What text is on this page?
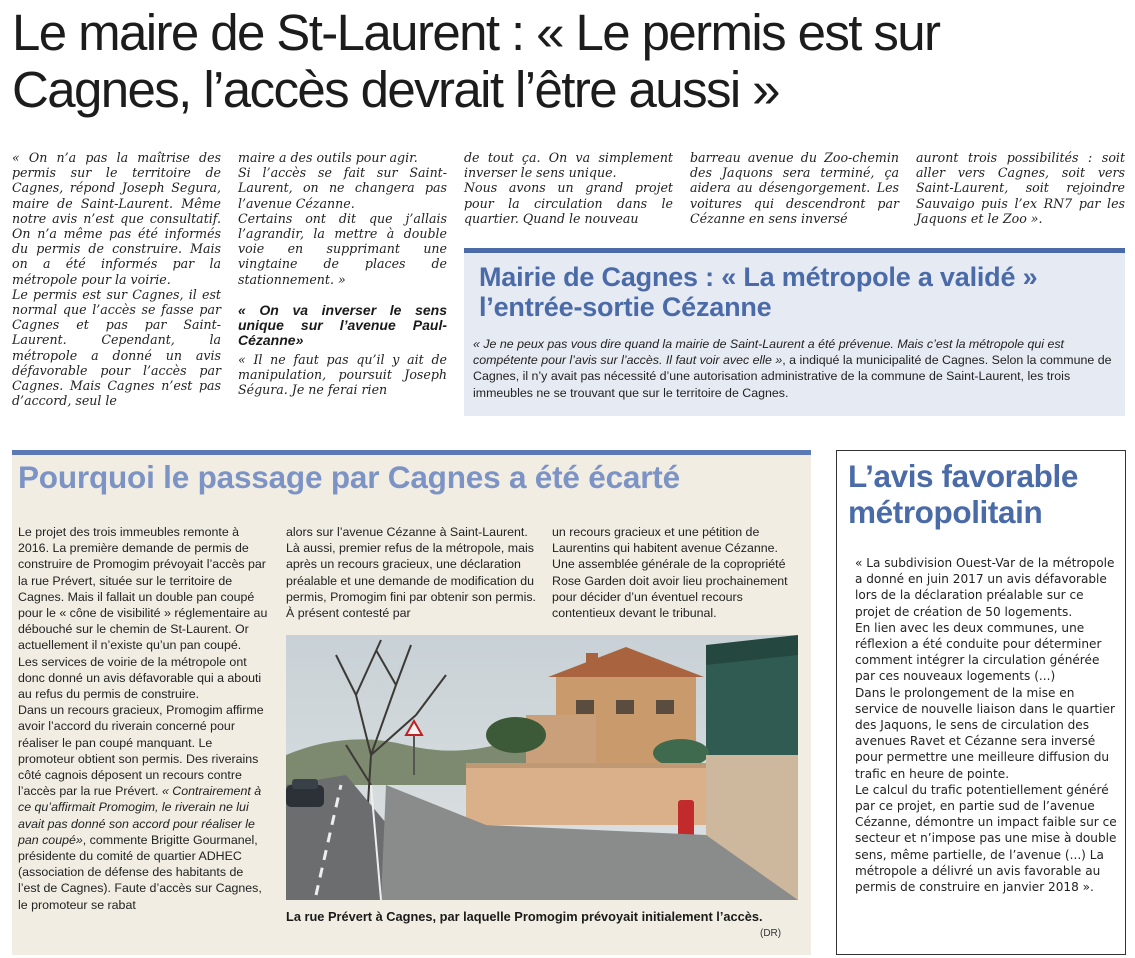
Le maire de St-Laurent : « Le permis est sur Cagnes, l’accès devrait l’être aussi »

« On n’a pas la maîtrise des permis sur le territoire de Cagnes, répond Joseph Segura, maire de Saint-Laurent. Même notre avis n’est que consultatif. On n’a même pas été informés du permis de construire. Mais on a été informés par la métropole pour la voirie.

Le permis est sur Cagnes, il est normal que l’accès se fasse par Cagnes et pas par Saint-Laurent. Cependant, la métropole a donné un avis défavorable pour l’accès par Cagnes. Mais Cagnes n’est pas d’accord, seul le

maire a des outils pour agir.

Si l’accès se fait sur Saint-Laurent, on ne changera pas l’avenue Cézanne.

Certains ont dit que j’allais l’agrandir, la mettre à double voie en supprimant une vingtaine de places de stationnement. »

« On va inverser le sens unique sur l’avenue Paul-Cézanne»

« Il ne faut pas qu’il y ait de manipulation, poursuit Joseph Ségura. Je ne ferai rien

de tout ça. On va simplement inverser le sens unique.

Nous avons un grand projet pour la circulation dans le quartier. Quand le nouveau

barreau avenue du Zoo-chemin des Jaquons sera terminé, ça aidera au désengorgement. Les voitures qui descendront par Cézanne en sens inversé

auront trois possibilités : soit aller vers Cagnes, soit vers Saint-Laurent, soit rejoindre Sauvaigo puis l’ex RN7 par les Jaquons et le Zoo ».

Mairie de Cagnes : « La métropole a validé » l’entrée-sortie Cézanne
« Je ne peux pas vous dire quand la mairie de Saint-Laurent a été prévenue. Mais c’est la métropole qui est compétente pour l’avis sur l’accès. Il faut voir avec elle », a indiqué la municipalité de Cagnes. Selon la commune de Cagnes, il n’y avait pas nécessité d’une autorisation administrative de la commune de Saint-Laurent, les trois immeubles ne se trouvant que sur le territoire de Cagnes.
Pourquoi le passage par Cagnes a été écarté

Le projet des trois immeubles remonte à 2016. La première demande de permis de construire de Promogim prévoyait l’accès par la rue Prévert, située sur le territoire de Cagnes. Mais il fallait un double pan coupé pour le « cône de visibilité » réglementaire au débouché sur le chemin de St-Laurent. Or actuellement il n’existe qu’un pan coupé.

Les services de voirie de la métropole ont donc donné un avis défavorable qui a abouti au refus du permis de construire.

Dans un recours gracieux, Promogim affirme avoir l’accord du riverain concerné pour réaliser le pan coupé manquant. Le promoteur obtient son permis. Des riverains côté cagnois déposent un recours contre l’accès par la rue Prévert. « Contrairement à ce qu’affirmait Promogim, le riverain ne lui avait pas donné son accord pour réaliser le pan coupé», commente Brigitte Gourmanel, présidente du comité de quartier ADHEC (association de défense des habitants de l’est de Cagnes). Faute d’accès sur Cagnes, le promoteur se rabat

alors sur l’avenue Cézanne à Saint-Laurent. Là aussi, premier refus de la métropole, mais après un recours gracieux, une déclaration préalable et une demande de modification du permis, Promogim fini par obtenir son permis. À présent contesté par

un recours gracieux et une pétition de Laurentins qui habitent avenue Cézanne. Une assemblée générale de la copropriété Rose Garden doit avoir lieu prochainement pour décider d’un éventuel recours contentieux devant le tribunal.

La rue Prévert à Cagnes, par laquelle Promogim prévoyait initialement l’accès.
(DR)
L’avis favorable métropolitain

« La subdivision Ouest-Var de la métropole a donné en juin 2017 un avis défavorable lors de la déclaration préalable sur ce projet de création de 50 logements.

En lien avec les deux communes, une réflexion a été conduite pour déterminer comment intégrer la circulation générée par ces nouveaux logements (...)

Dans le prolongement de la mise en service de nouvelle liaison dans le quartier des Jaquons, le sens de circulation des avenues Ravet et Cézanne sera inversé pour permettre une meilleure diffusion du trafic en heure de pointe.

Le calcul du trafic potentiellement généré par ce projet, en partie sud de l’avenue Cézanne, démontre un impact faible sur ce secteur et n’impose pas une mise à double sens, même partielle, de l’avenue (...) La métropole a délivré un avis favorable au permis de construire en janvier 2018 ».
